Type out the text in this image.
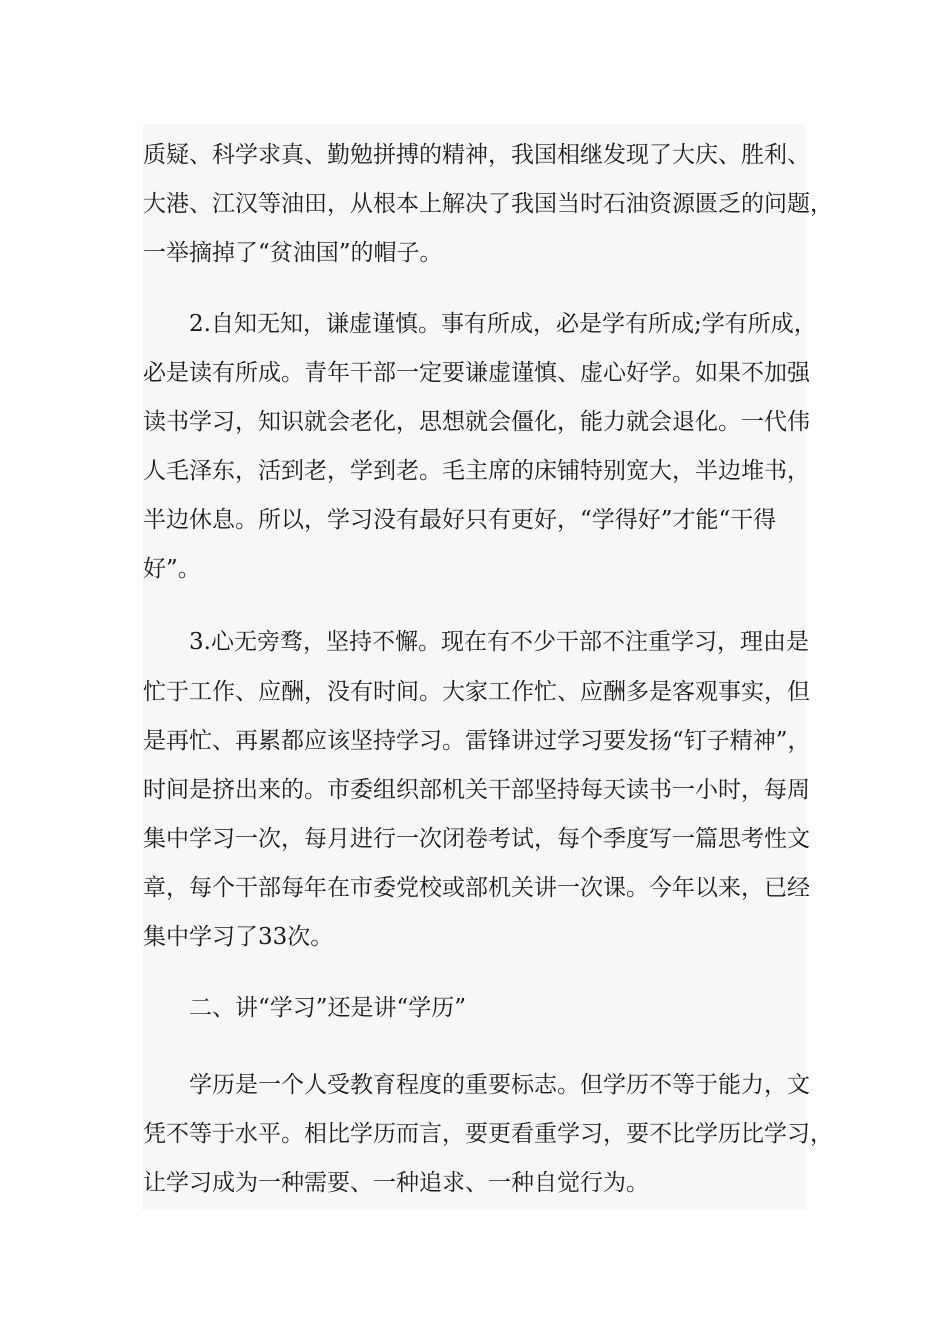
质疑、科学求真、勤勉拼搏的精神，我国相继发现了大庆、胜利、
大港、江汉等油田，从根本上解决了我国当时石油资源匮乏的问题，
一举摘掉了“贫油国”的帽子。
2.自知无知，谦虚谨慎。事有所成，必是学有所成;学有所成，
必是读有所成。青年干部一定要谦虚谨慎、虚心好学。如果不加强
读书学习，知识就会老化，思想就会僵化，能力就会退化。一代伟
人毛泽东，活到老，学到老。毛主席的床铺特别宽大，半边堆书，
半边休息。所以，学习没有最好只有更好，“学得好”才能“干得
好”。
3.心无旁骛，坚持不懈。现在有不少干部不注重学习，理由是
忙于工作、应酬，没有时间。大家工作忙、应酬多是客观事实，但
是再忙、再累都应该坚持学习。雷锋讲过学习要发扬“钉子精神”，
时间是挤出来的。市委组织部机关干部坚持每天读书一小时，每周
集中学习一次，每月进行一次闭卷考试，每个季度写一篇思考性文
章，每个干部每年在市委党校或部机关讲一次课。今年以来，已经
集中学习了33次。
二、讲“学习”还是讲“学历”
学历是一个人受教育程度的重要标志。但学历不等于能力，文
凭不等于水平。相比学历而言，要更看重学习，要不比学历比学习，
让学习成为一种需要、一种追求、一种自觉行为。
